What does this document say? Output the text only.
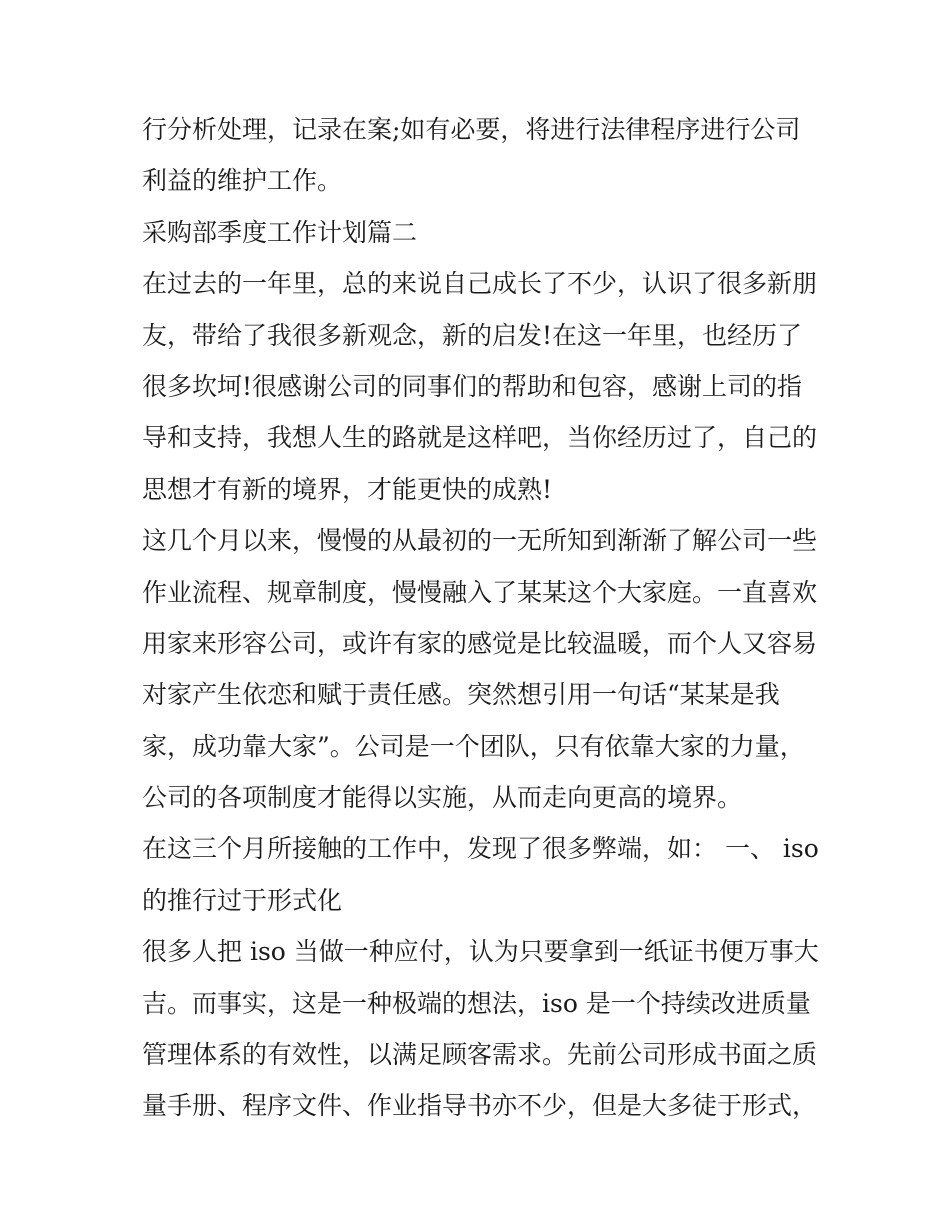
行分析处理，记录在案;如有必要，将进行法律程序进行公司
利益的维护工作。
采购部季度工作计划篇二
在过去的一年里，总的来说自己成长了不少，认识了很多新朋
友，带给了我很多新观念，新的启发!在这一年里，也经历了
很多坎坷!很感谢公司的同事们的帮助和包容，感谢上司的指
导和支持，我想人生的路就是这样吧，当你经历过了，自己的
思想才有新的境界，才能更快的成熟!
这几个月以来，慢慢的从最初的一无所知到渐渐了解公司一些
作业流程、规章制度，慢慢融入了某某这个大家庭。一直喜欢
用家来形容公司，或许有家的感觉是比较温暖，而个人又容易
对家产生依恋和赋于责任感。突然想引用一句话“某某是我
家，成功靠大家”。公司是一个团队，只有依靠大家的力量，
公司的各项制度才能得以实施，从而走向更高的境界。
在这三个月所接触的工作中，发现了很多弊端，如： 一、 iso
的推行过于形式化
很多人把 iso 当做一种应付，认为只要拿到一纸证书便万事大
吉。而事实，这是一种极端的想法，iso 是一个持续改进质量
管理体系的有效性，以满足顾客需求。先前公司形成书面之质
量手册、程序文件、作业指导书亦不少，但是大多徒于形式，
